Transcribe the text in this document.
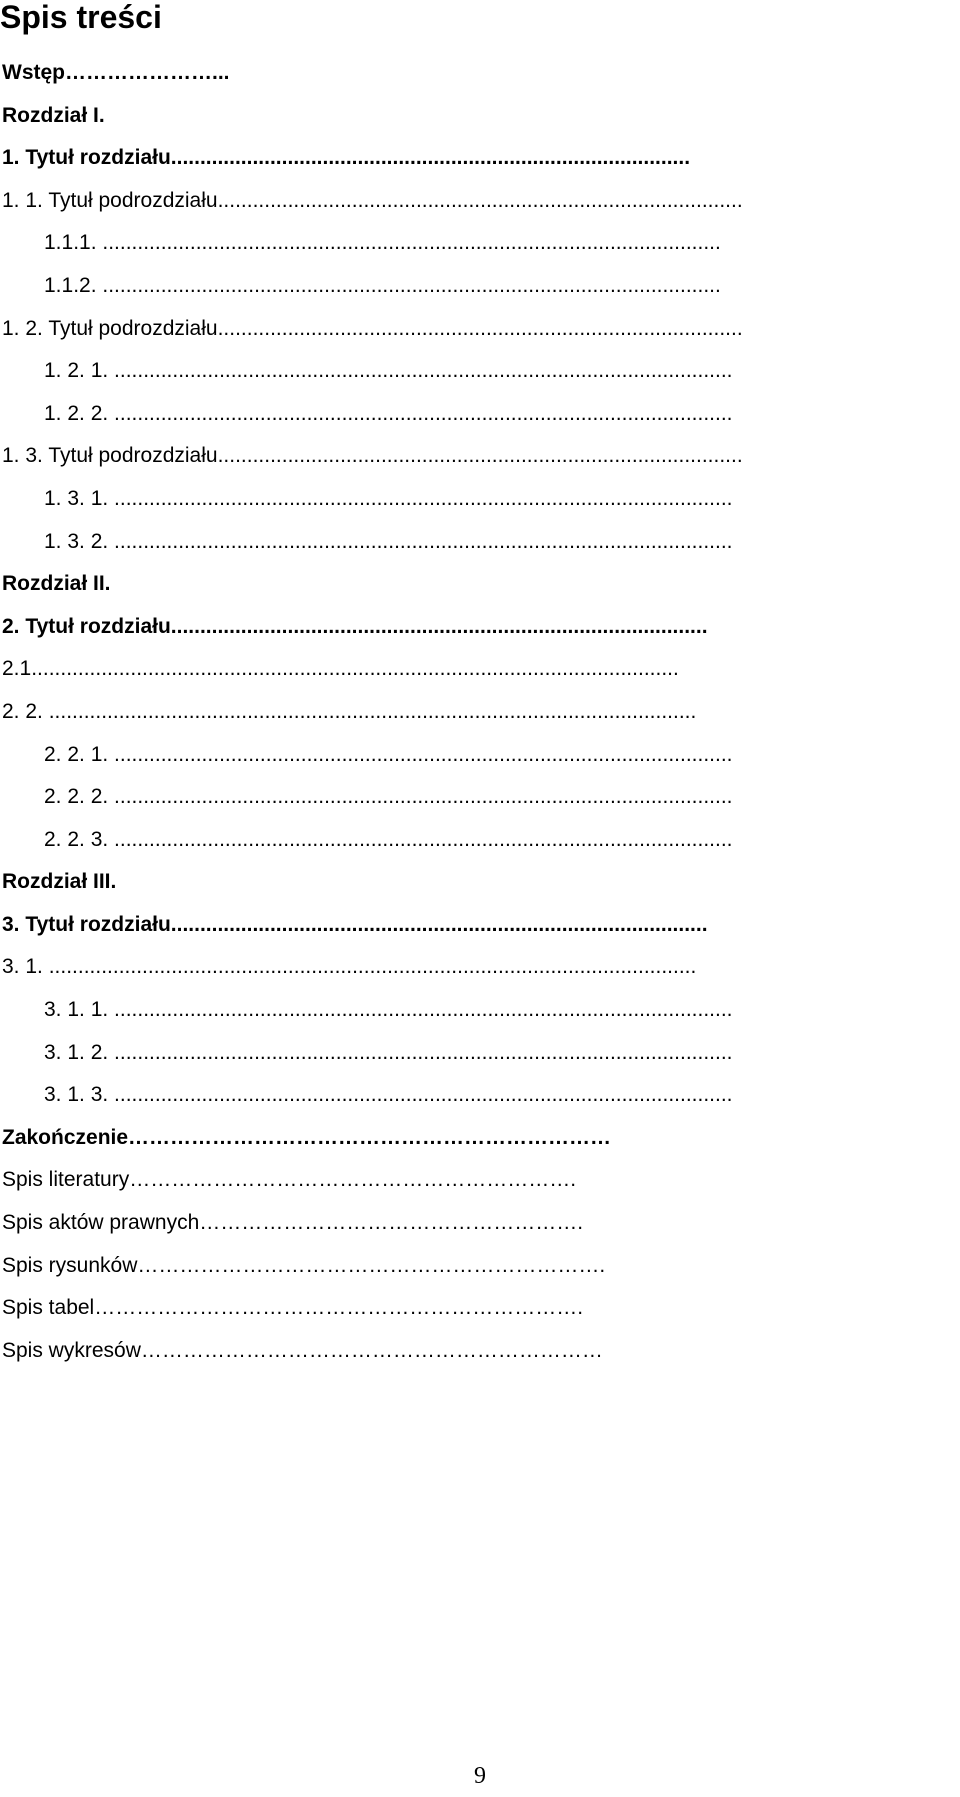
Spis treści
Wstęp…………………...
Rozdział I.
1. Tytuł rozdziału.........................................................................................
1. 1. Tytuł podrozdziału..........................................................................................
1.1.1. ..........................................................................................................
1.1.2. ..........................................................................................................
1. 2. Tytuł podrozdziału..........................................................................................
1. 2. 1. ..........................................................................................................
1. 2. 2. ..........................................................................................................
1. 3. Tytuł podrozdziału..........................................................................................
1. 3. 1. ..........................................................................................................
1. 3. 2. ..........................................................................................................
Rozdział II.
2. Tytuł rozdziału............................................................................................
2.1...............................................................................................................
2. 2. ...............................................................................................................
2. 2. 1. ..........................................................................................................
2. 2. 2. ..........................................................................................................
2. 2. 3. ..........................................................................................................
Rozdział III.
3. Tytuł rozdziału............................................................................................
3. 1. ...............................................................................................................
3. 1. 1. ..........................................................................................................
3. 1. 2. ..........................................................................................................
3. 1. 3. ..........................................................................................................
Zakończenie……………………………………………………………
Spis literatury……………………………………………………….
Spis aktów prawnych……………………………………………….
Spis rysunków………………………………………………………….
Spis tabel…………………………………………………………….
Spis wykresów…………………………………………………………
9
